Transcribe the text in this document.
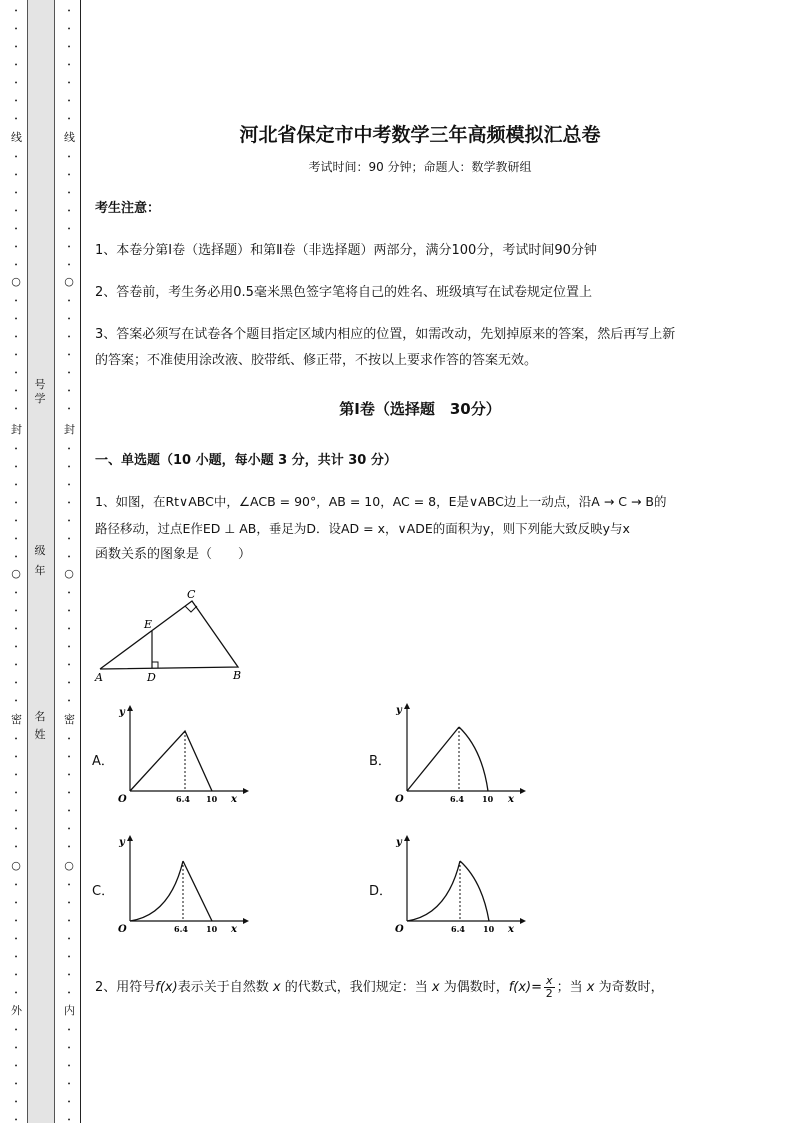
•
•
•
•
•
•
•
线
•
•
•
•
•
•
•
○
•
•
•
•
•
•
•
封
•
•
•
•
•
•
•
○
•
•
•
•
•
•
•
密
•
•
•
•
•
•
•
○
•
•
•
•
•
•
•
外
•
•
•
•
•
•
•
•
•
•
•
•
•
线
•
•
•
•
•
•
•
○
•
•
•
•
•
•
•
封
•
•
•
•
•
•
•
○
•
•
•
•
•
•
•
密
•
•
•
•
•
•
•
○
•
•
•
•
•
•
•
内
•
•
•
•
•
•
号
学
级
年
名
姓
河北省保定市中考数学三年高频模拟汇总卷
考试时间：90 分钟；命题人：数学教研组
考生注意：
1、本卷分第Ⅰ卷（选择题）和第Ⅱ卷（非选择题）两部分，满分100分，考试时间90分钟
2、答卷前，考生务必用0.5毫米黑色签字笔将自己的姓名、班级填写在试卷规定位置上
3、答案必须写在试卷各个题目指定区域内相应的位置，如需改动，先划掉原来的答案，然后再写上新
的答案；不准使用涂改液、胶带纸、修正带，不按以上要求作答的答案无效。
第Ⅰ卷（选择题　30分）
一、单选题（10 小题，每小题 3 分，共计 30 分）
1、如图，在Rt∨ABC中，∠ACB = 90°，AB = 10，AC = 8，E是∨ABC边上一动点，沿A → C → B的
路径移动，过点E作ED ⊥ AB，垂足为D．设AD = x，∨ADE的面积为y，则下列能大致反映y与x
函数关系的图象是（　　）
A	D	B
C
E
A．	B．
C．	D．
y
x
O	6.4 10
y
x
O	6.4 10
y
x
O	6.4 10
y
x
O	6.4 10
2、用符号f(x)表示关于自然数 x 的代数式，我们规定：当 x 为偶数时，$f(x)= \frac{x}{2}$ ；当 x 为奇数时，
